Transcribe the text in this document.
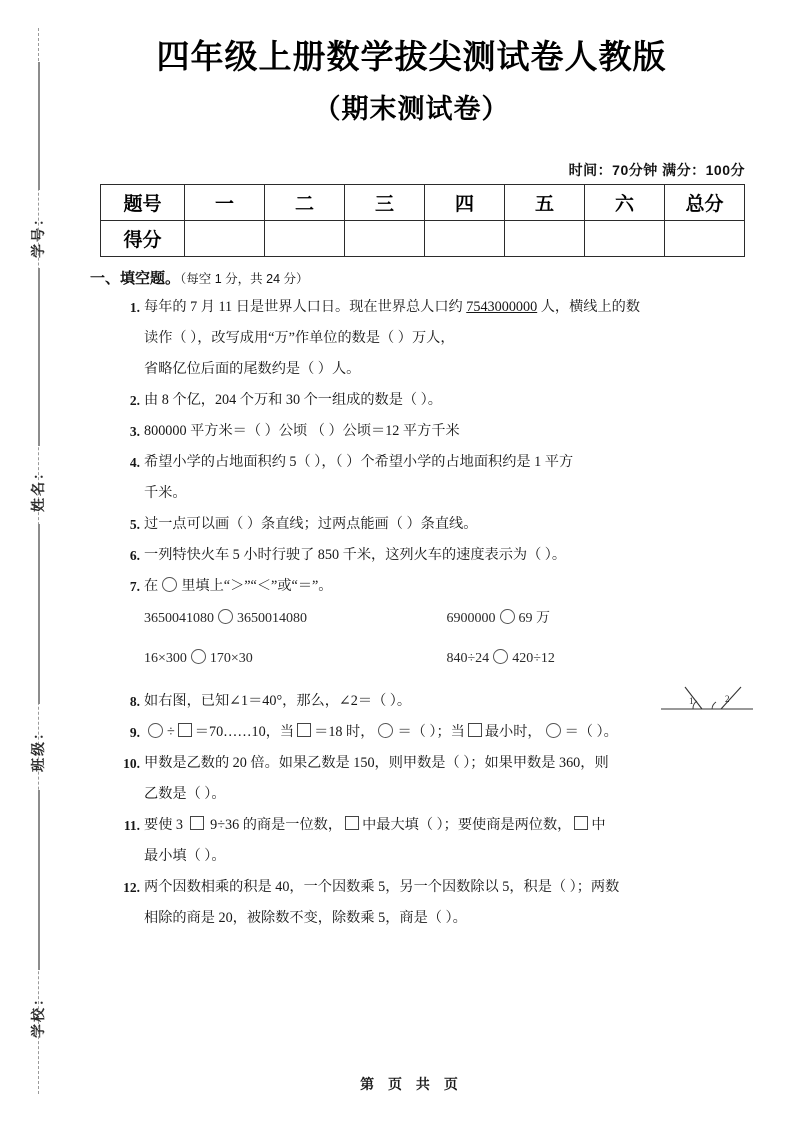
学号：
姓名：
班级：
学校：
四年级上册数学拔尖测试卷人教版
（期末测试卷）
时间：70分钟 满分：100分
题号	一	二	三	四	五	六	总分
得分							
一、填空题。（每空 1 分，共 24 分）
1. 每年的 7 月 11 日是世界人口日。现在世界总人口约 7543000000 人，横线上的数
读作（ ），改写成用“万”作单位的数是（ ）万人，
省略亿位后面的尾数约是（ ）人。
2. 由 8 个亿，204 个万和 30 个一组成的数是（ ）。
3. 800000 平方米＝（ ）公顷 （ ）公顷＝12 平方千米
4. 希望小学的占地面积约 5（ ），（ ）个希望小学的占地面积约是 1 平方
千米。
5. 过一点可以画（ ）条直线；过两点能画（ ）条直线。
6. 一列特快火车 5 小时行驶了 850 千米，这列火车的速度表示为（ ）。
7. 在 里填上“＞”“＜”或“＝”。
3650041080 3650014080	6900000 69 万
16×300 170×30	840÷24 420÷12
8. 如右图，已知∠1＝40°，那么，∠2＝（ ）。	1	2
9.	÷ ＝70……10，当 ＝18 时， ＝（ ）；当 最小时， ＝（ ）。
10. 甲数是乙数的 20 倍。如果乙数是 150，则甲数是（ ）；如果甲数是 360，则
乙数是（ ）。
11. 要使 3  9÷36 的商是一位数， 中最大填（ ）；要使商是两位数， 中
最小填（ ）。
12. 两个因数相乘的积是 40，一个因数乘 5，另一个因数除以 5，积是（ ）；两数
相除的商是 20，被除数不变，除数乘 5，商是（ ）。
第 页 共 页
